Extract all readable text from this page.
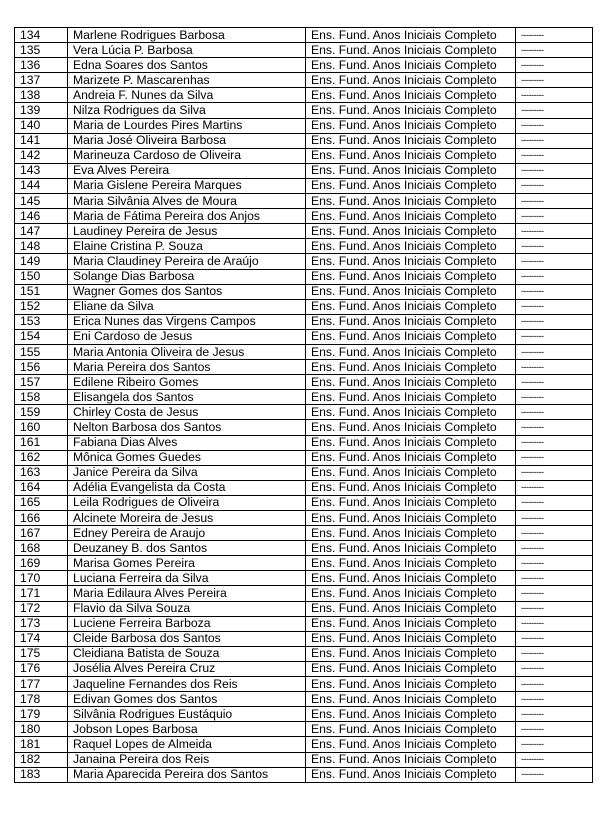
134	Marlene Rodrigues Barbosa	Ens. Fund. Anos Iniciais Completo	---------
135	Vera Lúcia P. Barbosa	Ens. Fund. Anos Iniciais Completo	---------
136	Edna Soares dos Santos	Ens. Fund. Anos Iniciais Completo	---------
137	Marizete P. Mascarenhas	Ens. Fund. Anos Iniciais Completo	---------
138	Andreia F. Nunes da Silva	Ens. Fund. Anos Iniciais Completo	---------
139	Nilza Rodrigues da Silva	Ens. Fund. Anos Iniciais Completo	---------
140	Maria de Lourdes Pires Martins	Ens. Fund. Anos Iniciais Completo	---------
141	Maria José Oliveira Barbosa	Ens. Fund. Anos Iniciais Completo	---------
142	Marineuza Cardoso de Oliveira	Ens. Fund. Anos Iniciais Completo	---------
143	Eva Alves Pereira	Ens. Fund. Anos Iniciais Completo	---------
144	Maria Gislene Pereira Marques	Ens. Fund. Anos Iniciais Completo	---------
145	Maria Silvânia Alves de Moura	Ens. Fund. Anos Iniciais Completo	---------
146	Maria de Fátima Pereira dos Anjos	Ens. Fund. Anos Iniciais Completo	---------
147	Laudiney Pereira de Jesus	Ens. Fund. Anos Iniciais Completo	---------
148	Elaine Cristina P. Souza	Ens. Fund. Anos Iniciais Completo	---------
149	Maria Claudiney Pereira de Araújo	Ens. Fund. Anos Iniciais Completo	---------
150	Solange Dias Barbosa	Ens. Fund. Anos Iniciais Completo	---------
151	Wagner Gomes dos Santos	Ens. Fund. Anos Iniciais Completo	---------
152	Eliane da Silva	Ens. Fund. Anos Iniciais Completo	---------
153	Erica Nunes das Virgens Campos	Ens. Fund. Anos Iniciais Completo	---------
154	Eni Cardoso de Jesus	Ens. Fund. Anos Iniciais Completo	---------
155	Maria Antonia Oliveira de Jesus	Ens. Fund. Anos Iniciais Completo	---------
156	Maria Pereira dos Santos	Ens. Fund. Anos Iniciais Completo	---------
157	Edilene Ribeiro Gomes	Ens. Fund. Anos Iniciais Completo	---------
158	Elisangela dos Santos	Ens. Fund. Anos Iniciais Completo	---------
159	Chirley Costa de Jesus	Ens. Fund. Anos Iniciais Completo	---------
160	Nelton Barbosa dos Santos	Ens. Fund. Anos Iniciais Completo	---------
161	Fabiana Dias Alves	Ens. Fund. Anos Iniciais Completo	---------
162	Mônica Gomes Guedes	Ens. Fund. Anos Iniciais Completo	---------
163	Janice Pereira da Silva	Ens. Fund. Anos Iniciais Completo	---------
164	Adélia Evangelista da Costa	Ens. Fund. Anos Iniciais Completo	---------
165	Leila Rodrigues de Oliveira	Ens. Fund. Anos Iniciais Completo	---------
166	Alcinete Moreira de Jesus	Ens. Fund. Anos Iniciais Completo	---------
167	Edney Pereira de Araujo	Ens. Fund. Anos Iniciais Completo	---------
168	Deuzaney B. dos Santos	Ens. Fund. Anos Iniciais Completo	---------
169	Marisa Gomes Pereira	Ens. Fund. Anos Iniciais Completo	---------
170	Luciana Ferreira da Silva	Ens. Fund. Anos Iniciais Completo	---------
171	Maria Edilaura Alves Pereira	Ens. Fund. Anos Iniciais Completo	---------
172	Flavio da Silva Souza	Ens. Fund. Anos Iniciais Completo	---------
173	Luciene Ferreira Barboza	Ens. Fund. Anos Iniciais Completo	---------
174	Cleide Barbosa dos Santos	Ens. Fund. Anos Iniciais Completo	---------
175	Cleidiana Batista de Souza	Ens. Fund. Anos Iniciais Completo	---------
176	Josélia Alves Pereira Cruz	Ens. Fund. Anos Iniciais Completo	---------
177	Jaqueline Fernandes dos Reis	Ens. Fund. Anos Iniciais Completo	---------
178	Edivan Gomes dos Santos	Ens. Fund. Anos Iniciais Completo	---------
179	Silvânia Rodrigues Eustáquio	Ens. Fund. Anos Iniciais Completo	---------
180	Jobson Lopes Barbosa	Ens. Fund. Anos Iniciais Completo	---------
181	Raquel Lopes de Almeida	Ens. Fund. Anos Iniciais Completo	---------
182	Janaina Pereira dos Reis	Ens. Fund. Anos Iniciais Completo	---------
183	Maria Aparecida Pereira dos Santos	Ens. Fund. Anos Iniciais Completo	---------
